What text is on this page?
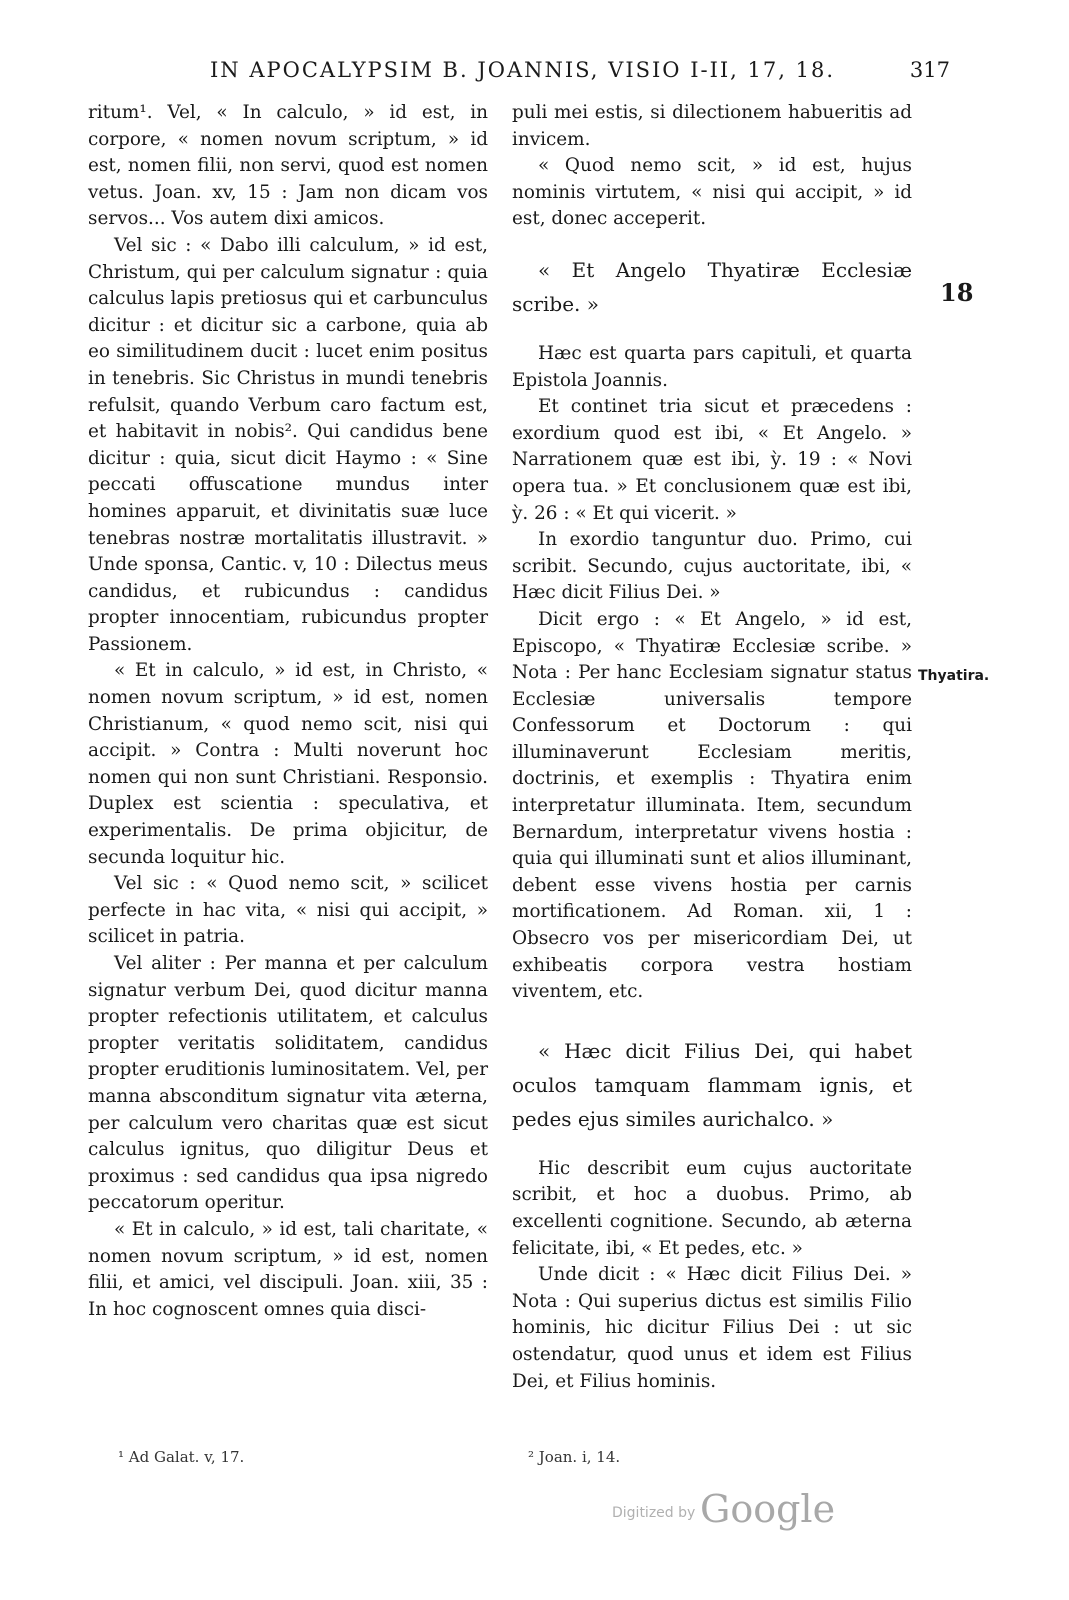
IN APOCALYPSIM B. JOANNIS, VISIO I-II, 17, 18.	317

ritum¹. Vel, « In calculo, » id est, in corpore, « nomen novum scriptum, » id est, nomen filii, non servi, quod est nomen vetus. Joan. xv, 15 : Jam non dicam vos servos... Vos autem dixi amicos.

Vel sic : « Dabo illi calculum, » id est, Christum, qui per calculum signatur : quia calculus lapis pretiosus qui et carbunculus dicitur : et dicitur sic a carbone, quia ab eo similitudinem ducit : lucet enim positus in tenebris. Sic Christus in mundi tenebris refulsit, quando Verbum caro factum est, et habitavit in nobis². Qui candidus bene dicitur : quia, sicut dicit Haymo : « Sine peccati offuscatione mundus inter homines apparuit, et divinitatis suæ luce tenebras nostræ mortalitatis illustravit. » Unde sponsa, Cantic. v, 10 : Dilectus meus candidus, et rubicundus : candidus propter innocentiam, rubicundus propter Passionem.

« Et in calculo, » id est, in Christo, « nomen novum scriptum, » id est, nomen Christianum, « quod nemo scit, nisi qui accipit. » Contra : Multi noverunt hoc nomen qui non sunt Christiani. Responsio. Duplex est scientia : speculativa, et experimentalis. De prima objicitur, de secunda loquitur hic.

Vel sic : « Quod nemo scit, » scilicet perfecte in hac vita, « nisi qui accipit, » scilicet in patria.

Vel aliter : Per manna et per calculum signatur verbum Dei, quod dicitur manna propter refectionis utilitatem, et calculus propter veritatis soliditatem, candidus propter eruditionis luminositatem. Vel, per manna absconditum signatur vita æterna, per calculum vero charitas quæ est sicut calculus ignitus, quo diligitur Deus et proximus : sed candidus qua ipsa nigredo peccatorum operitur.

« Et in calculo, » id est, tali charitate, « nomen novum scriptum, » id est, nomen filii, et amici, vel discipuli. Joan. xiii, 35 : In hoc cognoscent omnes quia disci-

puli mei estis, si dilectionem habueritis ad invicem.

« Quod nemo scit, » id est, hujus nominis virtutem, « nisi qui accipit, » id est, donec acceperit.

« Et Angelo Thyatiræ Ecclesiæ scribe. »

Hæc est quarta pars capituli, et quarta Epistola Joannis.

Et continet tria sicut et præcedens : exordium quod est ibi, « Et Angelo. » Narrationem quæ est ibi, ỳ. 19 : « Novi opera tua. » Et conclusionem quæ est ibi, ỳ. 26 : « Et qui vicerit. »

In exordio tanguntur duo. Primo, cui scribit. Secundo, cujus auctoritate, ibi, « Hæc dicit Filius Dei. »

Dicit ergo : « Et Angelo, » id est, Episcopo, « Thyatiræ Ecclesiæ scribe. » Nota : Per hanc Ecclesiam signatur status Ecclesiæ universalis tempore Confessorum et Doctorum : qui illuminaverunt Ecclesiam meritis, doctrinis, et exemplis : Thyatira enim interpretatur illuminata. Item, secundum Bernardum, interpretatur vivens hostia : quia qui illuminati sunt et alios illuminant, debent esse vivens hostia per carnis mortificationem. Ad Roman. xii, 1 : Obsecro vos per misericordiam Dei, ut exhibeatis corpora vestra hostiam viventem, etc.

« Hæc dicit Filius Dei, qui habet oculos tamquam flammam ignis, et pedes ejus similes aurichalco. »

Hic describit eum cujus auctoritate scribit, et hoc a duobus. Primo, ab excellenti cognitione. Secundo, ab æterna felicitate, ibi, « Et pedes, etc. »

Unde dicit : « Hæc dicit Filius Dei. » Nota : Qui superius dictus est similis Filio hominis, hic dicitur Filius Dei : ut sic ostendatur, quod unus et idem est Filius Dei, et Filius hominis.

18
Thyatira.
¹ Ad Galat. v, 17.	² Joan. i, 14.
Digitized by Google
